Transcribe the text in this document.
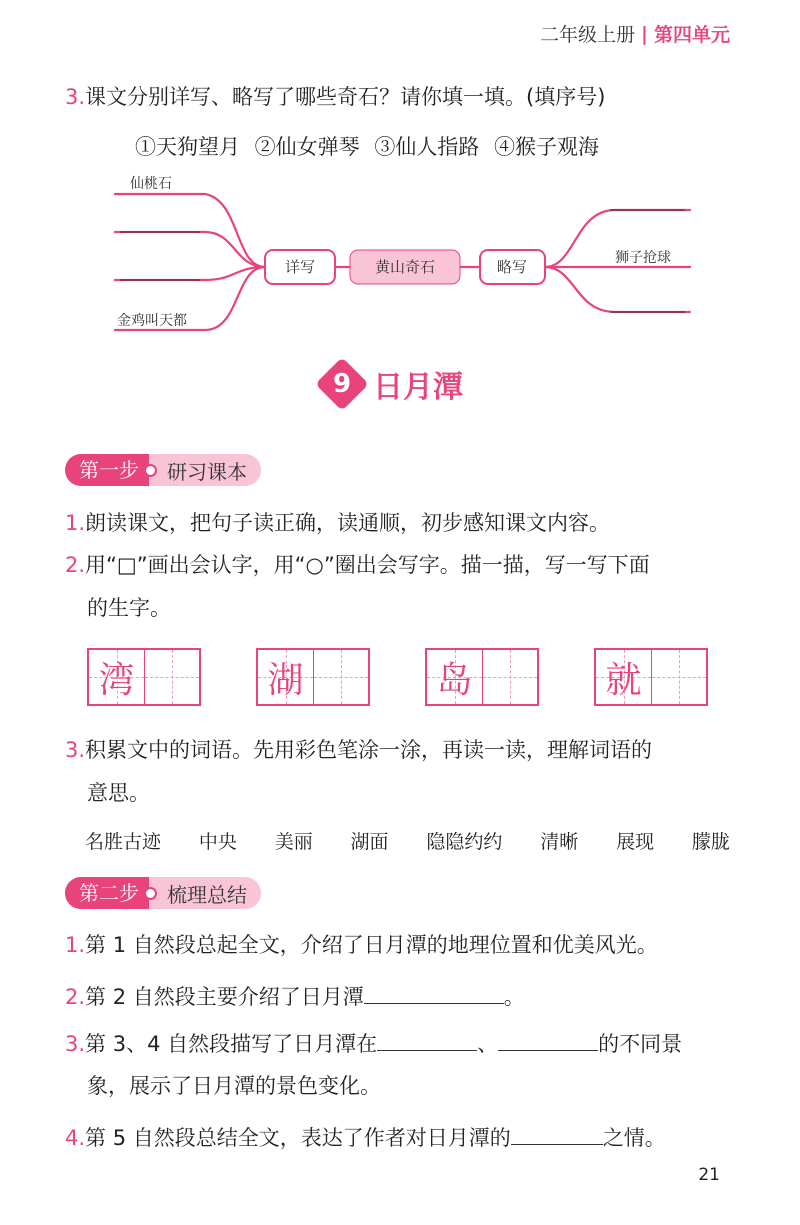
二年级上册 | 第四单元
3.课文分别详写、略写了哪些奇石？请你填一填。(填序号)
①天狗望月 ②仙女弹琴 ③仙人指路 ④猴子观海
详写	黄山奇石	略写
仙桃石
金鸡叫天都
狮子抢球
9 日月潭
第一步	研习课本
1.朗读课文，把句子读正确，读通顺，初步感知课文内容。
2.用“□”画出会认字，用“○”圈出会写字。描一描，写一写下面
的生字。
湾	湖	岛	就
3.积累文中的词语。先用彩色笔涂一涂，再读一读，理解词语的
意思。
名胜古迹 中央 美丽 湖面 隐隐约约 清晰 展现 朦胧
第二步	梳理总结
1.第 1 自然段总起全文，介绍了日月潭的地理位置和优美风光。
2.第 2 自然段主要介绍了日月潭	。
3.第 3、4 自然段描写了日月潭在	、	的不同景
象，展示了日月潭的景色变化。
4.第 5 自然段总结全文，表达了作者对日月潭的	之情。
21
